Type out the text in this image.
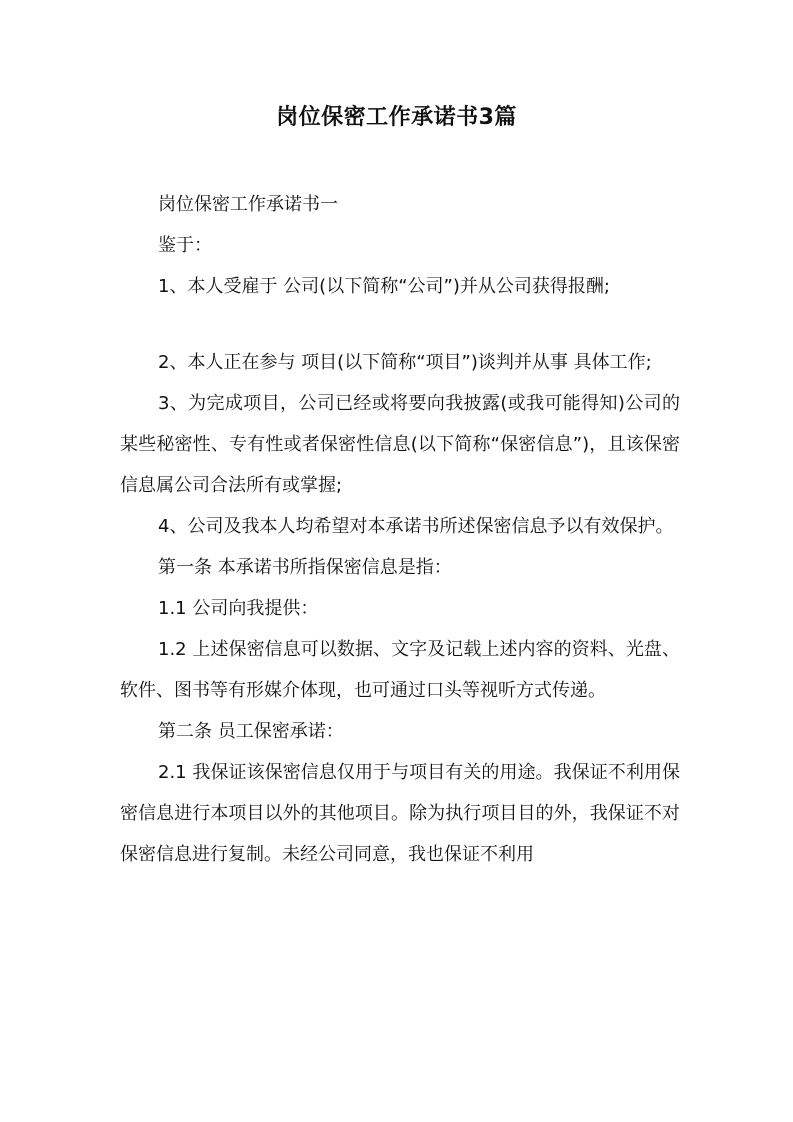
岗位保密工作承诺书3篇

岗位保密工作承诺书一

鉴于：

1、本人受雇于 公司(以下简称“公司”)并从公司获得报酬;

2、本人正在参与 项目(以下简称“项目”)谈判并从事 具体工作;

3、为完成项目，公司已经或将要向我披露(或我可能得知)公司的某些秘密性、专有性或者保密性信息(以下简称“保密信息”)，且该保密信息属公司合法所有或掌握;

4、公司及我本人均希望对本承诺书所述保密信息予以有效保护。

第一条 本承诺书所指保密信息是指：

1.1 公司向我提供：

1.2 上述保密信息可以数据、文字及记载上述内容的资料、光盘、软件、图书等有形媒介体现，也可通过口头等视听方式传递。

第二条 员工保密承诺：

2.1 我保证该保密信息仅用于与项目有关的用途。我保证不利用保密信息进行本项目以外的其他项目。除为执行项目目的外，我保证不对保密信息进行复制。未经公司同意，我也保证不利用
